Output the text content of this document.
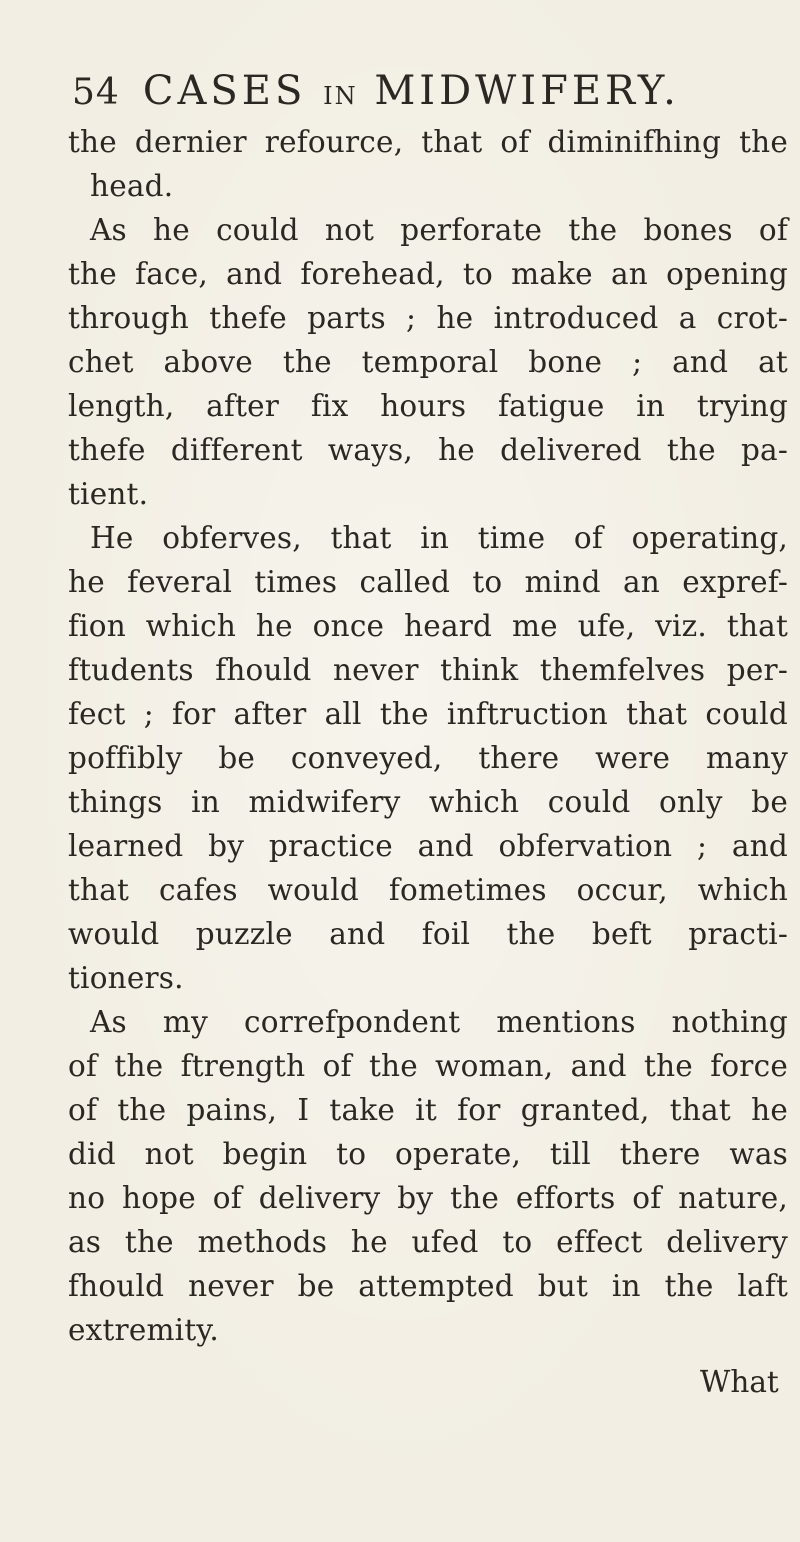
54 CASES IN MIDWIFERY.
the dernier refource, that of diminifhing the
head.
As he could not perforate the bones of
the face, and forehead, to make an opening
through thefe parts ; he introduced a crot-
chet above the temporal bone ; and at
length, after fix hours fatigue in trying
thefe different ways, he delivered the pa-
tient.
He obferves, that in time of operating,
he feveral times called to mind an expref-
fion which he once heard me ufe, viz. that
ftudents fhould never think themfelves per-
fect ; for after all the inftruction that could
poffibly be conveyed, there were many
things in midwifery which could only be
learned by practice and obfervation ; and
that cafes would fometimes occur, which
would puzzle and foil the beft practi-
tioners.
As my correfpondent mentions nothing
of the ftrength of the woman, and the force
of the pains, I take it for granted, that he
did not begin to operate, till there was
no hope of delivery by the efforts of nature,
as the methods he ufed to effect delivery
fhould never be attempted but in the laft
extremity.
What
